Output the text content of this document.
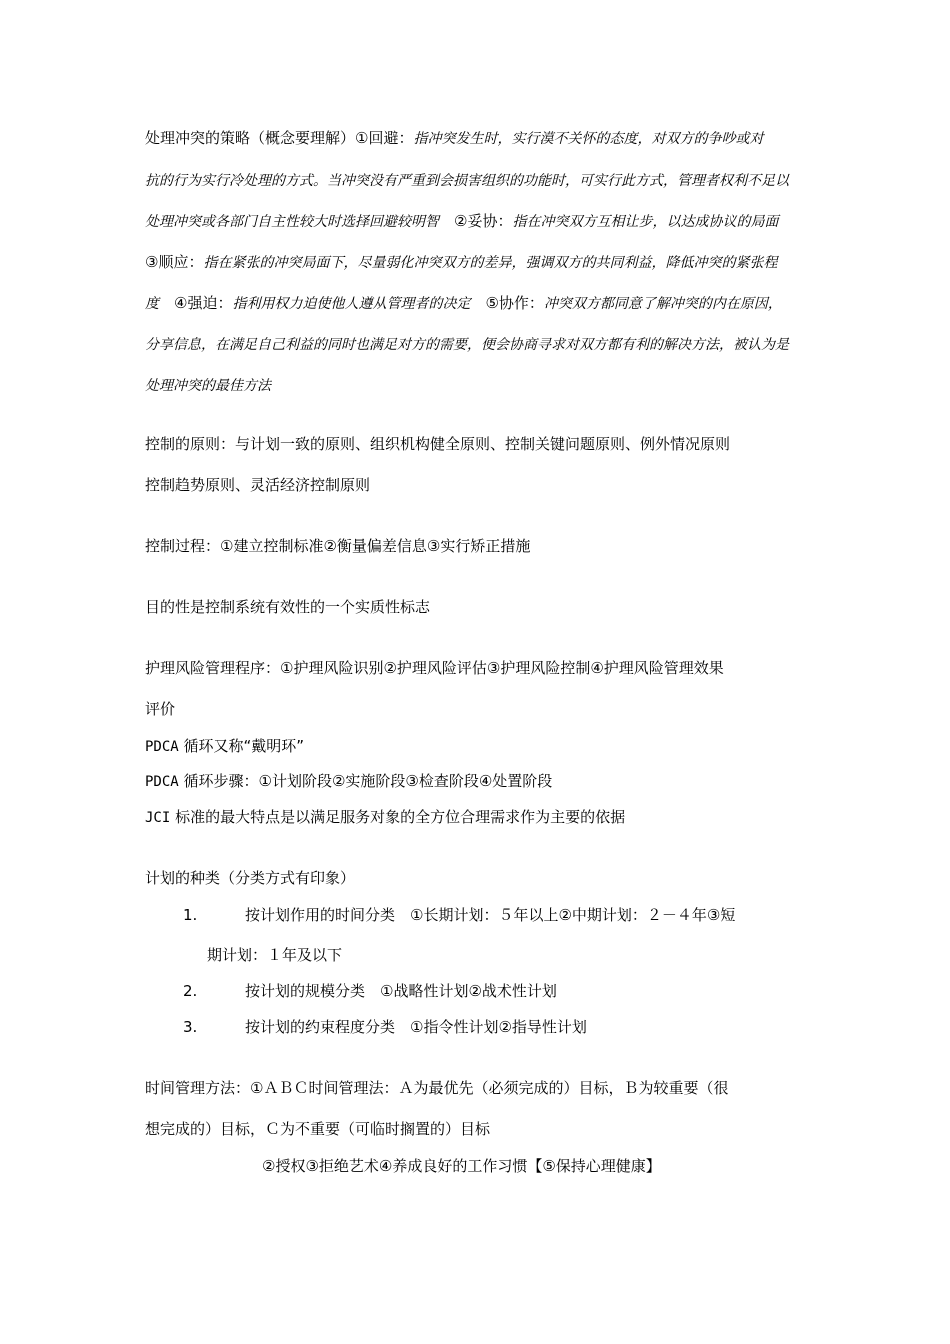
处理冲突的策略（概念要理解）①回避：指冲突发生时，实行漠不关怀的态度，对双方的争吵或对
抗的行为实行冷处理的方式。当冲突没有严重到会损害组织的功能时，可实行此方式，管理者权利不足以
处理冲突或各部门自主性较大时选择回避较明智　 ②妥协：指在冲突双方互相让步，以达成协议的局面
③顺应：指在紧张的冲突局面下，尽量弱化冲突双方的差异，强调双方的共同利益，降低冲突的紧张程
度　 ④强迫：指利用权力迫使他人遵从管理者的决定　 ⑤协作：冲突双方都同意了解冲突的内在原因，
分享信息，在满足自己利益的同时也满足对方的需要，便会协商寻求对双方都有利的解决方法，被认为是
处理冲突的最佳方法
控制的原则：与计划一致的原则、组织机构健全原则、控制关键问题原则、例外情况原则
控制趋势原则、灵活经济控制原则
控制过程：①建立控制标准②衡量偏差信息③实行矫正措施
目的性是控制系统有效性的一个实质性标志
护理风险管理程序：①护理风险识别②护理风险评估③护理风险控制④护理风险管理效果
评价
PDCA 循环又称“戴明环”
PDCA 循环步骤：①计划阶段②实施阶段③检查阶段④处置阶段
JCI 标准的最大特点是以满足服务对象的全方位合理需求作为主要的依据
计划的种类（分类方式有印象）
1.	按计划作用的时间分类　①长期计划：５年以上②中期计划：２－４年③短
期计划：１年及以下
2.	按计划的规模分类　①战略性计划②战术性计划
3.	按计划的约束程度分类　①指令性计划②指导性计划
时间管理方法：①ＡＢＣ时间管理法：Ａ为最优先（必须完成的）目标，Ｂ为较重要（很
想完成的）目标，Ｃ为不重要（可临时搁置的）目标
②授权③拒绝艺术④养成良好的工作习惯【⑤保持心理健康】
